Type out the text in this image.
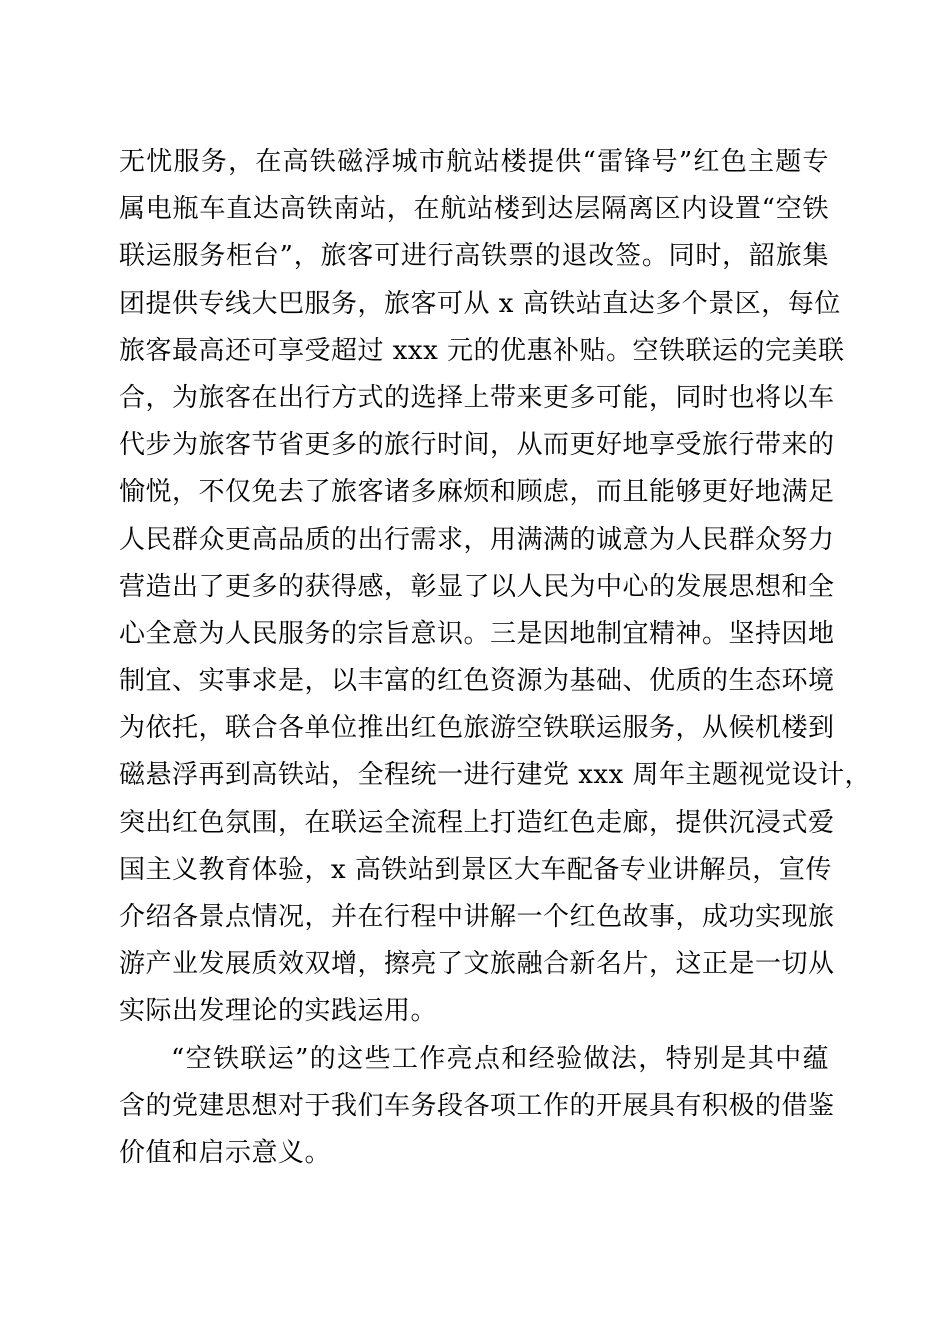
无忧服务，在高铁磁浮城市航站楼提供“雷锋号”红色主题专
属电瓶车直达高铁南站，在航站楼到达层隔离区内设置“空铁
联运服务柜台”，旅客可进行高铁票的退改签。同时，韶旅集
团提供专线大巴服务，旅客可从 x 高铁站直达多个景区，每位
旅客最高还可享受超过 xxx 元的优惠补贴。空铁联运的完美联
合，为旅客在出行方式的选择上带来更多可能，同时也将以车
代步为旅客节省更多的旅行时间，从而更好地享受旅行带来的
愉悦，不仅免去了旅客诸多麻烦和顾虑，而且能够更好地满足
人民群众更高品质的出行需求，用满满的诚意为人民群众努力
营造出了更多的获得感，彰显了以人民为中心的发展思想和全
心全意为人民服务的宗旨意识。三是因地制宜精神。坚持因地
制宜、实事求是，以丰富的红色资源为基础、优质的生态环境
为依托，联合各单位推出红色旅游空铁联运服务，从候机楼到
磁悬浮再到高铁站，全程统一进行建党 xxx 周年主题视觉设计，
突出红色氛围，在联运全流程上打造红色走廊，提供沉浸式爱
国主义教育体验，x 高铁站到景区大车配备专业讲解员，宣传
介绍各景点情况，并在行程中讲解一个红色故事，成功实现旅
游产业发展质效双增，擦亮了文旅融合新名片，这正是一切从
实际出发理论的实践运用。
“空铁联运”的这些工作亮点和经验做法，特别是其中蕴
含的党建思想对于我们车务段各项工作的开展具有积极的借鉴
价值和启示意义。
